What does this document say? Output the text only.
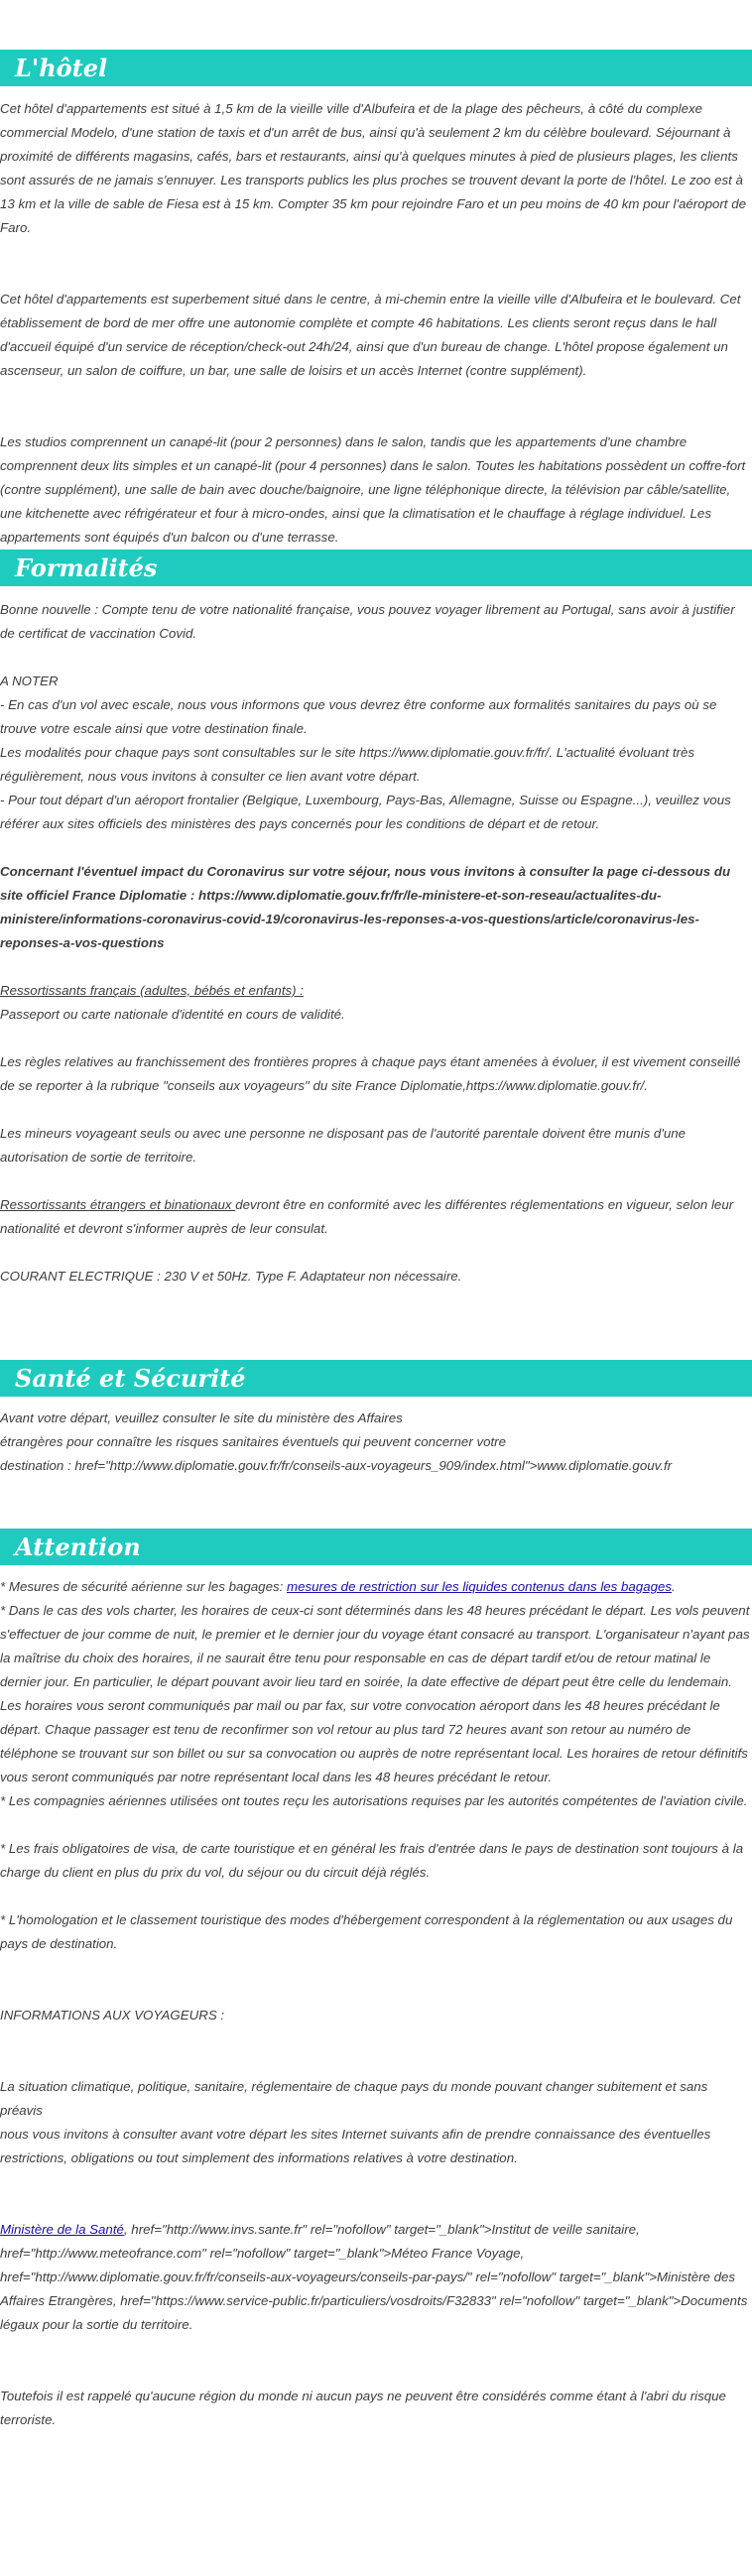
L'hôtel

Cet hôtel d'appartements est situé à 1,5 km de la vieille ville d'Albufeira et de la plage des pêcheurs, à côté du complexe commercial Modelo, d'une station de taxis et d'un arrêt de bus, ainsi qu'à seulement 2 km du célèbre boulevard. Séjournant à proximité de différents magasins, cafés, bars et restaurants, ainsi qu'à quelques minutes à pied de plusieurs plages, les clients sont assurés de ne jamais s'ennuyer. Les transports publics les plus proches se trouvent devant la porte de l'hôtel. Le zoo est à 13 km et la ville de sable de Fiesa est à 15 km. Compter 35 km pour rejoindre Faro et un peu moins de 40 km pour l'aéroport de Faro.

Cet hôtel d'appartements est superbement situé dans le centre, à mi-chemin entre la vieille ville d'Albufeira et le boulevard. Cet établissement de bord de mer offre une autonomie complète et compte 46 habitations. Les clients seront reçus dans le hall d'accueil équipé d'un service de réception/check-out 24h/24, ainsi que d'un bureau de change. L'hôtel propose également un ascenseur, un salon de coiffure, un bar, une salle de loisirs et un accès Internet (contre supplément).

Les studios comprennent un canapé-lit (pour 2 personnes) dans le salon, tandis que les appartements d'une chambre comprennent deux lits simples et un canapé-lit (pour 4 personnes) dans le salon. Toutes les habitations possèdent un coffre-fort (contre supplément), une salle de bain avec douche/baignoire, une ligne téléphonique directe, la télévision par câble/satellite, une kitchenette avec réfrigérateur et four à micro-ondes, ainsi que la climatisation et le chauffage à réglage individuel. Les appartements sont équipés d'un balcon ou d'une terrasse.

Formalités

Bonne nouvelle : Compte tenu de votre nationalité française, vous pouvez voyager librement au Portugal, sans avoir à justifier de certificat de vaccination Covid.

A NOTER

- En cas d'un vol avec escale, nous vous informons que vous devrez être conforme aux formalités sanitaires du pays où se trouve votre escale ainsi que votre destination finale.

Les modalités pour chaque pays sont consultables sur le site https://www.diplomatie.gouv.fr/fr/. L'actualité évoluant très régulièrement, nous vous invitons à consulter ce lien avant votre départ.

- Pour tout départ d'un aéroport frontalier (Belgique, Luxembourg, Pays-Bas, Allemagne, Suisse ou Espagne...), veuillez vous référer aux sites officiels des ministères des pays concernés pour les conditions de départ et de retour.

Concernant l'éventuel impact du Coronavirus sur votre séjour, nous vous invitons à consulter la page ci-dessous du site officiel France Diplomatie : https://www.diplomatie.gouv.fr/fr/le-ministere-et-son-reseau/actualites-du-ministere/informations-coronavirus-covid-19/coronavirus-les-reponses-a-vos-questions/article/coronavirus-les-reponses-a-vos-questions

Ressortissants français (adultes, bébés et enfants) :

Passeport ou carte nationale d'identité en cours de validité.

Les règles relatives au franchissement des frontières propres à chaque pays étant amenées à évoluer, il est vivement conseillé de se reporter à la rubrique "conseils aux voyageurs" du site France Diplomatie,https://www.diplomatie.gouv.fr/.

Les mineurs voyageant seuls ou avec une personne ne disposant pas de l'autorité parentale doivent être munis d'une autorisation de sortie de territoire.

Ressortissants étrangers et binationaux devront être en conformité avec les différentes réglementations en vigueur, selon leur nationalité et devront s'informer auprès de leur consulat.

COURANT ELECTRIQUE : 230 V et 50Hz. Type F. Adaptateur non nécessaire.

Santé et Sécurité

Avant votre départ, veuillez consulter le site du ministère des Affaires

étrangères pour connaître les risques sanitaires éventuels qui peuvent concerner votre

destination : href="http://www.diplomatie.gouv.fr/fr/conseils-aux-voyageurs_909/index.html">www.diplomatie.gouv.fr

Attention

* Mesures de sécurité aérienne sur les bagages: mesures de restriction sur les liquides contenus dans les bagages.

* Dans le cas des vols charter, les horaires de ceux-ci sont déterminés dans les 48 heures précédant le départ. Les vols peuvent s'effectuer de jour comme de nuit, le premier et le dernier jour du voyage étant consacré au transport. L'organisateur n'ayant pas la maîtrise du choix des horaires, il ne saurait être tenu pour responsable en cas de départ tardif et/ou de retour matinal le dernier jour. En particulier, le départ pouvant avoir lieu tard en soirée, la date effective de départ peut être celle du lendemain. Les horaires vous seront communiqués par mail ou par fax, sur votre convocation aéroport dans les 48 heures précédant le départ. Chaque passager est tenu de reconfirmer son vol retour au plus tard 72 heures avant son retour au numéro de téléphone se trouvant sur son billet ou sur sa convocation ou auprès de notre représentant local. Les horaires de retour définitifs vous seront communiqués par notre représentant local dans les 48 heures précédant le retour.

* Les compagnies aériennes utilisées ont toutes reçu les autorisations requises par les autorités compétentes de l'aviation civile.

* Les frais obligatoires de visa, de carte touristique et en général les frais d'entrée dans le pays de destination sont toujours à la charge du client en plus du prix du vol, du séjour ou du circuit déjà réglés.

* L'homologation et le classement touristique des modes d'hébergement correspondent à la réglementation ou aux usages du pays de destination.

INFORMATIONS AUX VOYAGEURS :

La situation climatique, politique, sanitaire, réglementaire de chaque pays du monde pouvant changer subitement et sans préavis

nous vous invitons à consulter avant votre départ les sites Internet suivants afin de prendre connaissance des éventuelles restrictions, obligations ou tout simplement des informations relatives à votre destination.

Ministère de la Santé, href="http://www.invs.sante.fr" rel="nofollow" target="_blank">Institut de veille sanitaire, href="http://www.meteofrance.com" rel="nofollow" target="_blank">Méteo France Voyage, href="http://www.diplomatie.gouv.fr/fr/conseils-aux-voyageurs/conseils-par-pays/" rel="nofollow" target="_blank">Ministère des Affaires Etrangères, href="https://www.service-public.fr/particuliers/vosdroits/F32833" rel="nofollow" target="_blank">Documents légaux pour la sortie du territoire.

Toutefois il est rappelé qu'aucune région du monde ni aucun pays ne peuvent être considérés comme étant à l'abri du risque terroriste.
